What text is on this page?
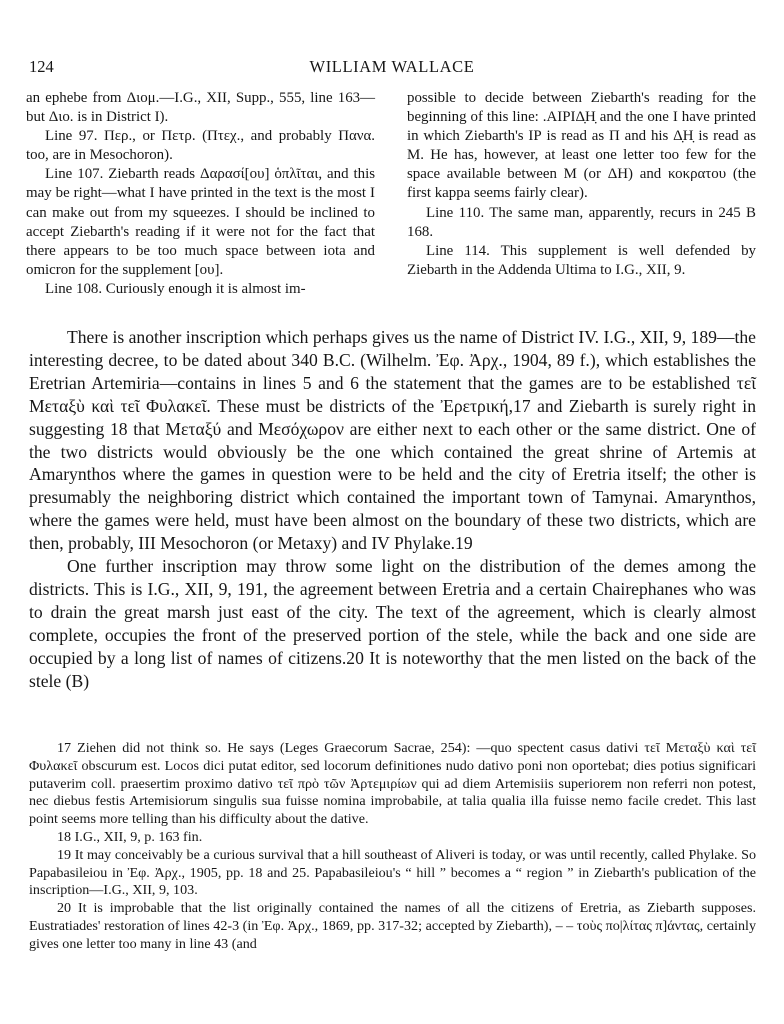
124	WILLIAM WALLACE

an ephebe from Διομ.—I.G., XII, Supp., 555, line 163—but Διο. is in District I).

Line 97. Περ., or Πετρ. (Πτεχ., and probably Πανα. too, are in Mesochoron).

Line 107. Ziebarth reads Δαρασί[ου] ὁπλῖται, and this may be right—what I have printed in the text is the most I can make out from my squeezes. I should be inclined to accept Ziebarth's reading if it were not for the fact that there appears to be too much space between iota and omicron for the supplement [ου].

Line 108. Curiously enough it is almost im-

possible to decide between Ziebarth's reading for the beginning of this line: .ΑΙΡΙΔ̣Η̣ and the one I have printed in which Ziebarth's ΙΡ is read as Π and his Δ̣Η̣ is read as Μ. He has, however, at least one letter too few for the space available between Μ (or ΔΗ) and κοκρατου (the first kappa seems fairly clear).

Line 110. The same man, apparently, recurs in 245 B 168.

Line 114. This supplement is well defended by Ziebarth in the Addenda Ultima to I.G., XII, 9.

There is another inscription which perhaps gives us the name of District IV. I.G., XII, 9, 189—the interesting decree, to be dated about 340 B.C. (Wilhelm. Ἐφ. Ἀρχ., 1904, 89 f.), which establishes the Eretrian Artemiria—contains in lines 5 and 6 the statement that the games are to be established τεῖ Μεταξὺ καὶ τεῖ Φυλακεῖ. These must be districts of the Ἐρετρική,17 and Ziebarth is surely right in suggesting 18 that Μεταξύ and Μεσόχωρον are either next to each other or the same district. One of the two districts would obviously be the one which contained the great shrine of Artemis at Amarynthos where the games in question were to be held and the city of Eretria itself; the other is presumably the neighboring district which contained the important town of Tamynai. Amarynthos, where the games were held, must have been almost on the boundary of these two districts, which are then, probably, III Mesochoron (or Metaxy) and IV Phylake.19

One further inscription may throw some light on the distribution of the demes among the districts. This is I.G., XII, 9, 191, the agreement between Eretria and a certain Chairephanes who was to drain the great marsh just east of the city. The text of the agreement, which is clearly almost complete, occupies the front of the preserved portion of the stele, while the back and one side are occupied by a long list of names of citizens.20 It is noteworthy that the men listed on the back of the stele (B)

17 Ziehen did not think so. He says (Leges Graecorum Sacrae, 254): —quo spectent casus dativi τεῖ Μεταξὺ καὶ τεῖ Φυλακεῖ obscurum est. Locos dici putat editor, sed locorum definitiones nudo dativo poni non oportebat; dies potius significari putaverim coll. praesertim proximo dativo τεῖ πρὸ τῶν Ἀρτεμιρίων qui ad diem Artemisiis superiorem non referri non potest, nec diebus festis Artemisiorum singulis sua fuisse nomina improbabile, at talia qualia illa fuisse nemo facile credet. This last point seems more telling than his difficulty about the dative.

18 I.G., XII, 9, p. 163 fin.

19 It may conceivably be a curious survival that a hill southeast of Aliveri is today, or was until recently, called Phylake. So Papabasileiou in Ἐφ. Ἀρχ., 1905, pp. 18 and 25. Papabasileiou's “ hill ” becomes a “ region ” in Ziebarth's publication of the inscription—I.G., XII, 9, 103.

20 It is improbable that the list originally contained the names of all the citizens of Eretria, as Ziebarth supposes. Eustratiades' restoration of lines 42-3 (in Ἐφ. Ἀρχ., 1869, pp. 317-32; accepted by Ziebarth), – – τοὺς πο|λίτας π]άντας, certainly gives one letter too many in line 43 (and
